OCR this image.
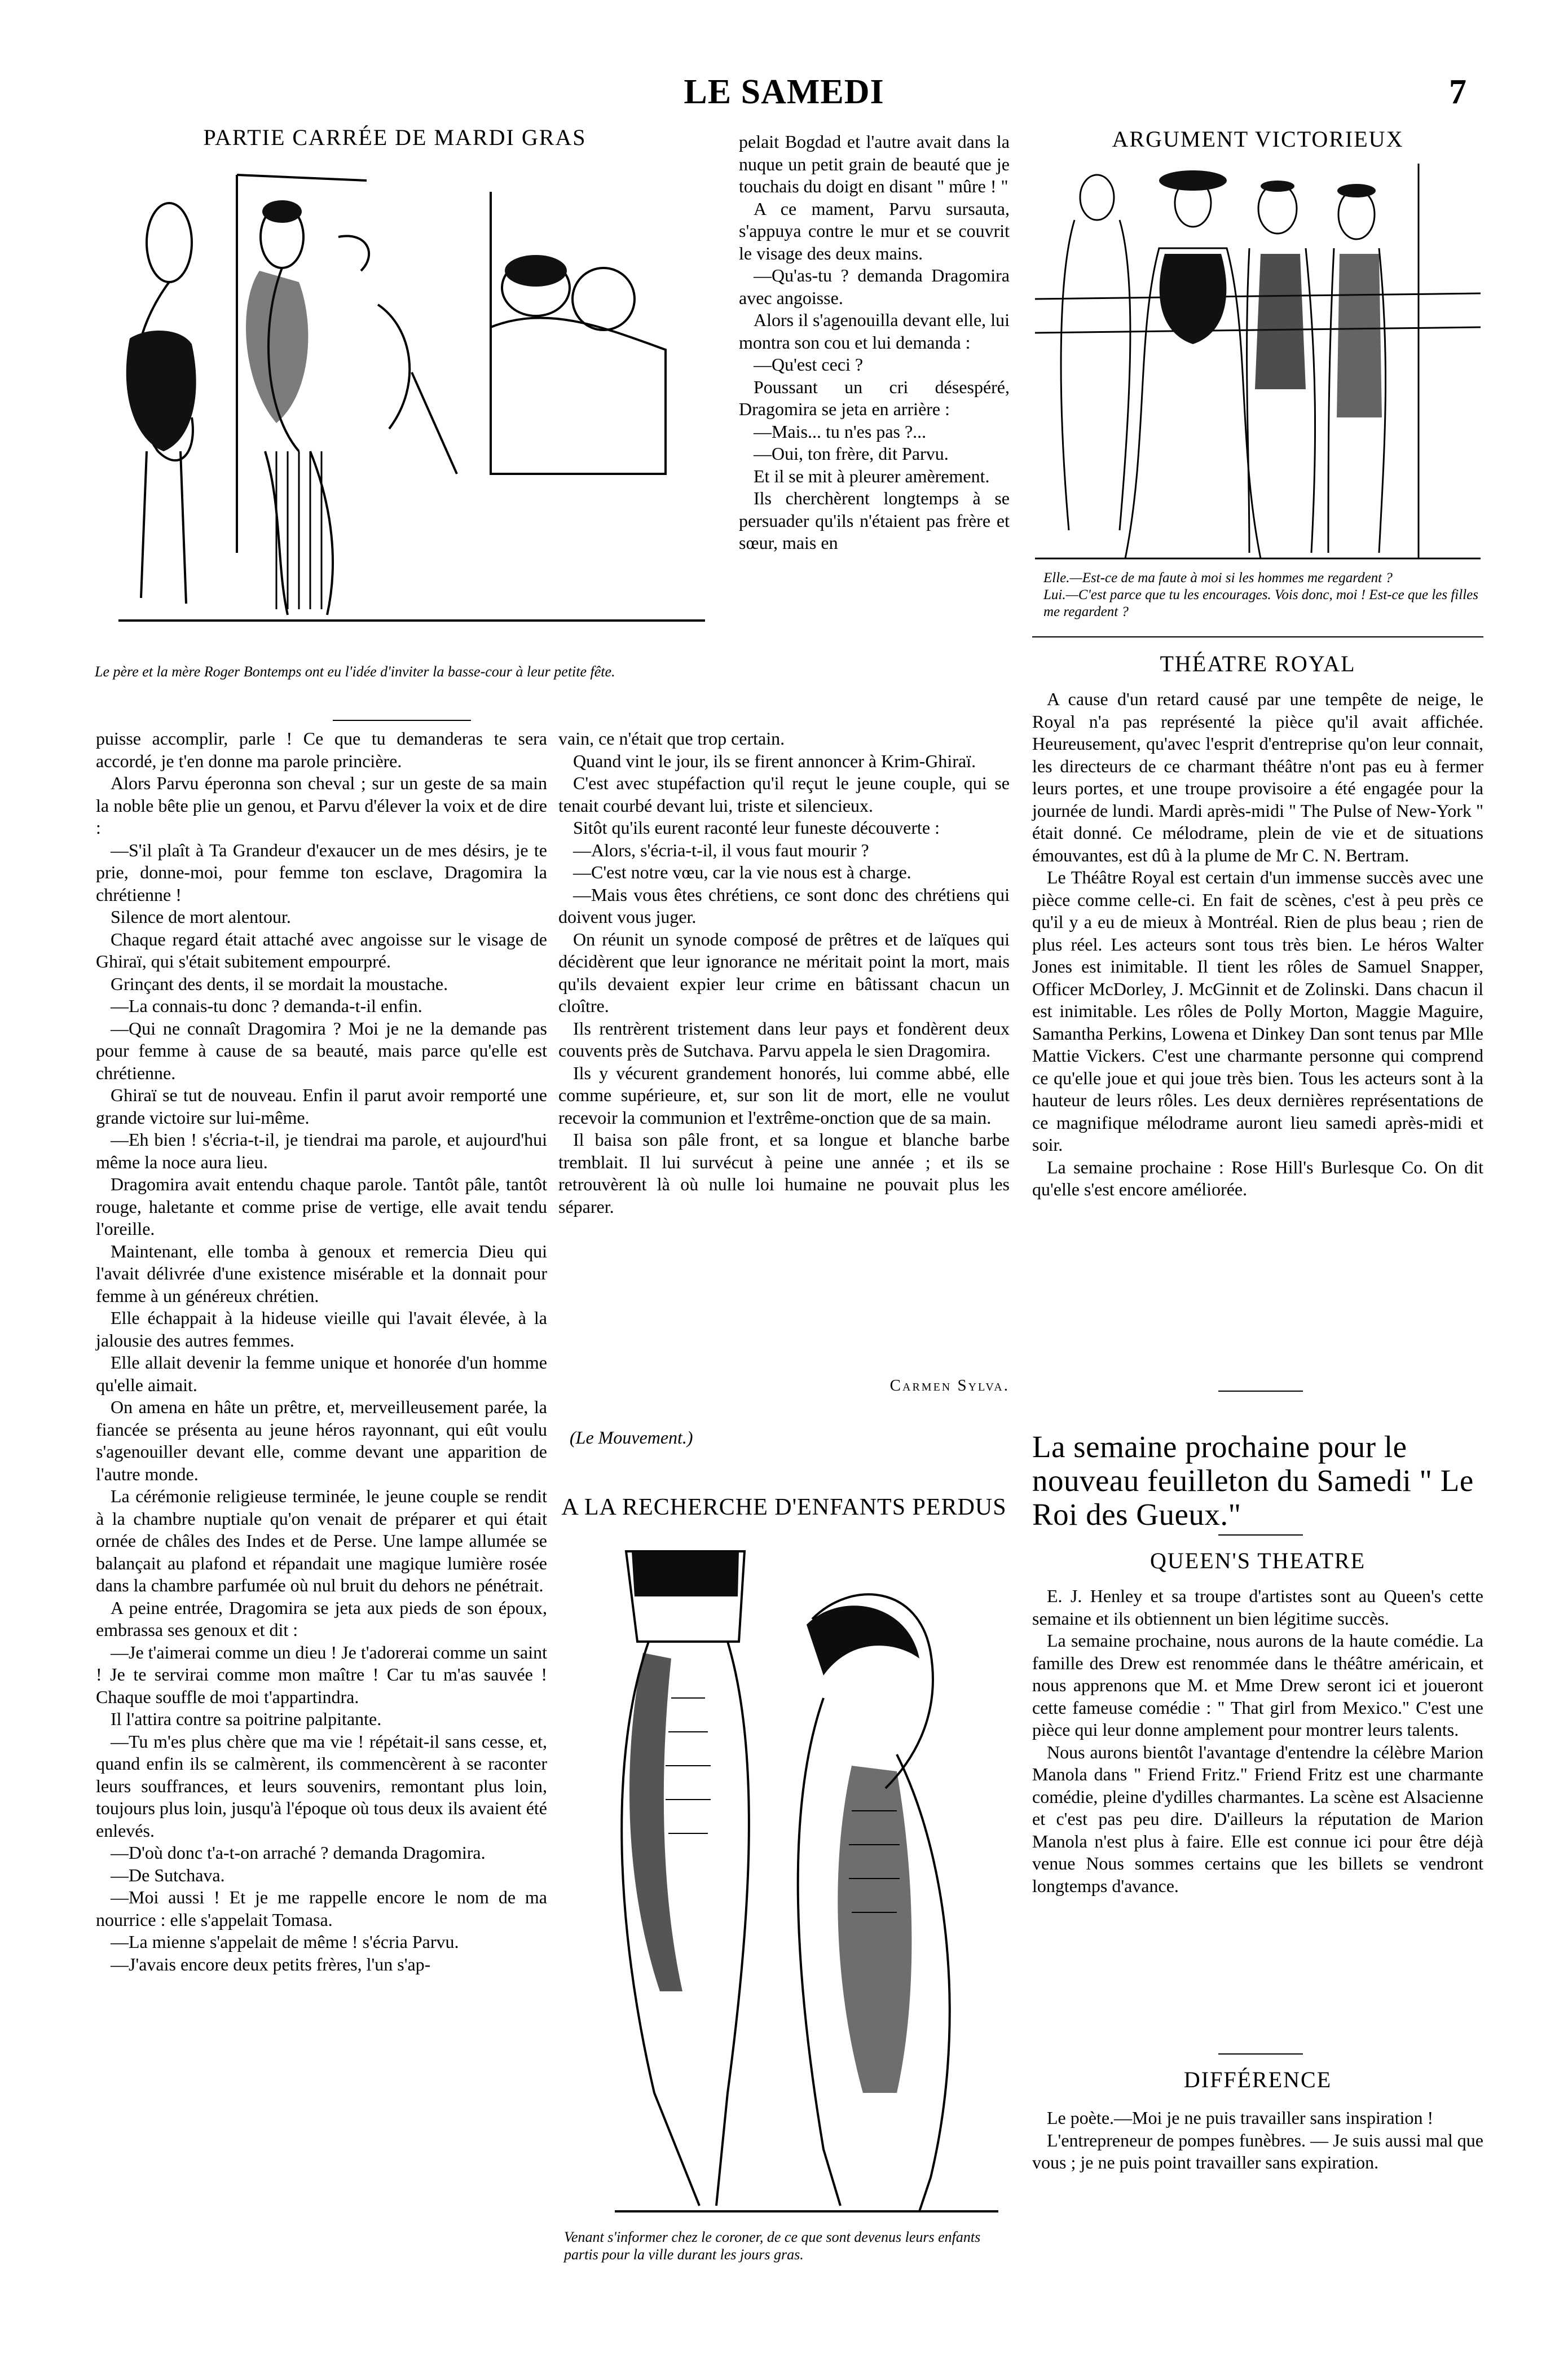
LE SAMEDI	7
PARTIE CARRÉE DE MARDI GRAS
Le père et la mère Roger Bontemps ont eu l'idée d'inviter la basse-cour à leur petite fête.

puisse accomplir, parle ! Ce que tu demanderas te sera accordé, je t'en donne ma parole princière.

Alors Parvu éperonna son cheval ; sur un geste de sa main la noble bête plie un genou, et Parvu d'élever la voix et de dire :

—S'il plaît à Ta Grandeur d'exaucer un de mes désirs, je te prie, donne-moi, pour femme ton esclave, Dragomira la chrétienne !

Silence de mort alentour.

Chaque regard était attaché avec angoisse sur le visage de Ghiraï, qui s'était subitement empourpré.

Grinçant des dents, il se mordait la moustache.

—La connais-tu donc ? demanda-t-il enfin.

—Qui ne connaît Dragomira ? Moi je ne la demande pas pour femme à cause de sa beauté, mais parce qu'elle est chrétienne.

Ghiraï se tut de nouveau. Enfin il parut avoir remporté une grande victoire sur lui-même.

—Eh bien ! s'écria-t-il, je tiendrai ma parole, et aujourd'hui même la noce aura lieu.

Dragomira avait entendu chaque parole. Tantôt pâle, tantôt rouge, haletante et comme prise de vertige, elle avait tendu l'oreille.

Maintenant, elle tomba à genoux et remercia Dieu qui l'avait délivrée d'une existence misérable et la donnait pour femme à un généreux chrétien.

Elle échappait à la hideuse vieille qui l'avait élevée, à la jalousie des autres femmes.

Elle allait devenir la femme unique et honorée d'un homme qu'elle aimait.

On amena en hâte un prêtre, et, merveilleusement parée, la fiancée se présenta au jeune héros rayonnant, qui eût voulu s'agenouiller devant elle, comme devant une apparition de l'autre monde.

La cérémonie religieuse terminée, le jeune couple se rendit à la chambre nuptiale qu'on venait de préparer et qui était ornée de châles des Indes et de Perse. Une lampe allumée se balançait au plafond et répandait une magique lumière rosée dans la chambre parfumée où nul bruit du dehors ne pénétrait.

A peine entrée, Dragomira se jeta aux pieds de son époux, embrassa ses genoux et dit :

—Je t'aimerai comme un dieu ! Je t'adorerai comme un saint ! Je te servirai comme mon maître ! Car tu m'as sauvée ! Chaque souffle de moi t'appartindra.

Il l'attira contre sa poitrine palpitante.

—Tu m'es plus chère que ma vie ! répétait-il sans cesse, et, quand enfin ils se calmèrent, ils commencèrent à se raconter leurs souffrances, et leurs souvenirs, remontant plus loin, toujours plus loin, jusqu'à l'époque où tous deux ils avaient été enlevés.

—D'où donc t'a-t-on arraché ? demanda Dragomira.

—De Sutchava.

—Moi aussi ! Et je me rappelle encore le nom de ma nourrice : elle s'appelait Tomasa.

—La mienne s'appelait de même ! s'écria Parvu.

—J'avais encore deux petits frères, l'un s'ap-

pelait Bogdad et l'autre avait dans la nuque un petit grain de beauté que je touchais du doigt en disant " mûre ! "

A ce mament, Parvu sursauta, s'appuya contre le mur et se couvrit le visage des deux mains.

—Qu'as-tu ? demanda Dragomira avec angoisse.

Alors il s'agenouilla devant elle, lui montra son cou et lui demanda :

—Qu'est ceci ?

Poussant un cri désespéré, Dragomira se jeta en arrière :

—Mais... tu n'es pas ?...

—Oui, ton frère, dit Parvu.

Et il se mit à pleurer amèrement.

Ils cherchèrent longtemps à se persuader qu'ils n'étaient pas frère et sœur, mais en

vain, ce n'était que trop certain.

Quand vint le jour, ils se firent annoncer à Krim-Ghiraï.

C'est avec stupéfaction qu'il reçut le jeune couple, qui se tenait courbé devant lui, triste et silencieux.

Sitôt qu'ils eurent raconté leur funeste découverte :

—Alors, s'écria-t-il, il vous faut mourir ?

—C'est notre vœu, car la vie nous est à charge.

—Mais vous êtes chrétiens, ce sont donc des chrétiens qui doivent vous juger.

On réunit un synode composé de prêtres et de laïques qui décidèrent que leur ignorance ne méritait point la mort, mais qu'ils devaient expier leur crime en bâtissant chacun un cloître.

Ils rentrèrent tristement dans leur pays et fondèrent deux couvents près de Sutchava. Parvu appela le sien Dragomira.

Ils y vécurent grandement honorés, lui comme abbé, elle comme supérieure, et, sur son lit de mort, elle ne voulut recevoir la communion et l'extrême-onction que de sa main.

Il baisa son pâle front, et sa longue et blanche barbe tremblait. Il lui survécut à peine une année ; et ils se retrouvèrent là où nulle loi humaine ne pouvait plus les séparer.

Carmen Sylva.
(Le Mouvement.)
A LA RECHERCHE D'ENFANTS PERDUS
Venant s'informer chez le coroner, de ce que sont devenus leurs enfants partis pour la ville durant les jours gras.
ARGUMENT VICTORIEUX
Elle.—Est-ce de ma faute à moi si les hommes me regardent ?
Lui.—C'est parce que tu les encourages. Vois donc, moi ! Est-ce que les filles me regardent ?
THÉATRE ROYAL

A cause d'un retard causé par une tempête de neige, le Royal n'a pas représenté la pièce qu'il avait affichée. Heureusement, qu'avec l'esprit d'entreprise qu'on leur connait, les directeurs de ce charmant théâtre n'ont pas eu à fermer leurs portes, et une troupe provisoire a été engagée pour la journée de lundi. Mardi après-midi " The Pulse of New-York " était donné. Ce mélodrame, plein de vie et de situations émouvantes, est dû à la plume de Mr C. N. Bertram.

Le Théâtre Royal est certain d'un immense succès avec une pièce comme celle-ci. En fait de scènes, c'est à peu près ce qu'il y a eu de mieux à Montréal. Rien de plus beau ; rien de plus réel. Les acteurs sont tous très bien. Le héros Walter Jones est inimitable. Il tient les rôles de Samuel Snapper, Officer McDorley, J. McGinnit et de Zolinski. Dans chacun il est inimitable. Les rôles de Polly Morton, Maggie Maguire, Samantha Perkins, Lowena et Dinkey Dan sont tenus par Mlle Mattie Vickers. C'est une charmante personne qui comprend ce qu'elle joue et qui joue très bien. Tous les acteurs sont à la hauteur de leurs rôles. Les deux dernières représentations de ce magnifique mélodrame auront lieu samedi après-midi et soir.

La semaine prochaine : Rose Hill's Burlesque Co. On dit qu'elle s'est encore améliorée.

La semaine prochaine pour le nouveau feuilleton du Samedi " Le Roi des Gueux."
QUEEN'S THEATRE

E. J. Henley et sa troupe d'artistes sont au Queen's cette semaine et ils obtiennent un bien légitime succès.

La semaine prochaine, nous aurons de la haute comédie. La famille des Drew est renommée dans le théâtre américain, et nous apprenons que M. et Mme Drew seront ici et joueront cette fameuse comédie : " That girl from Mexico." C'est une pièce qui leur donne amplement pour montrer leurs talents.

Nous aurons bientôt l'avantage d'entendre la célèbre Marion Manola dans " Friend Fritz." Friend Fritz est une charmante comédie, pleine d'ydilles charmantes. La scène est Alsacienne et c'est pas peu dire. D'ailleurs la réputation de Marion Manola n'est plus à faire. Elle est connue ici pour être déjà venue Nous sommes certains que les billets se vendront longtemps d'avance.

DIFFÉRENCE

Le poète.—Moi je ne puis travailler sans inspiration !

L'entrepreneur de pompes funèbres. — Je suis aussi mal que vous ; je ne puis point travailler sans expiration.
